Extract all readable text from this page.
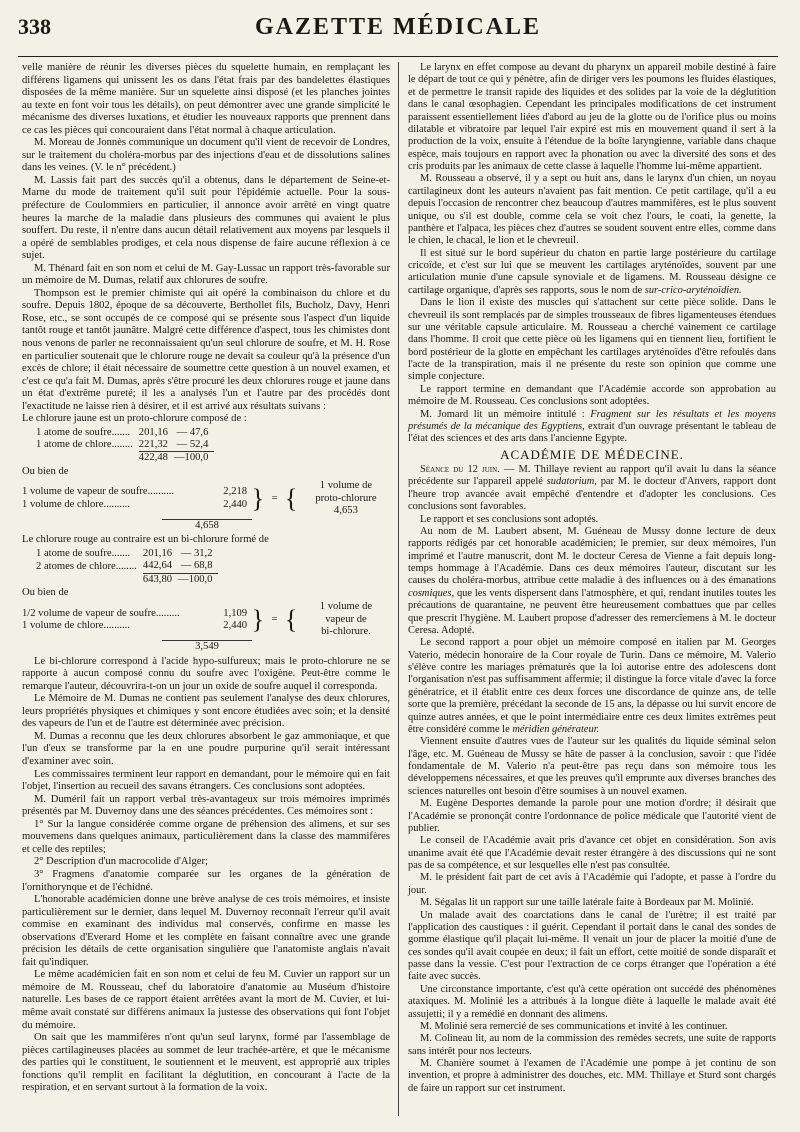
338	GAZETTE MÉDICALE

velle manière de réunir les diverses pièces du squelette humain, en remplaçant les différens ligamens qui unissent les os dans l'état frais par des bandelettes élastiques disposées de la même manière. Sur un squelette ainsi disposé (et les planches jointes au texte en font voir tous les détails), on peut démontrer avec une grande simplicité le mécanisme des diverses luxations, et étudier les nouveaux rapports que prennent dans ce cas les pièces qui concouraient dans l'état normal à chaque articulation.

M. Moreau de Jonnès communique un document qu'il vient de recevoir de Londres, sur le traitement du choléra-morbus par des injections d'eau et de dissolutions salines dans les veines. (V. le n° précédent.)

M. Lassis fait part des succès qu'il a obtenus, dans le département de Seine-et-Marne du mode de traitement qu'il suit pour l'épidémie actuelle. Pour la sous-préfecture de Coulommiers en particulier, il annonce avoir arrêté en vingt quatre heures la marche de la maladie dans plusieurs des communes qui avaient le plus souffert. Du reste, il n'entre dans aucun détail relativement aux moyens par lesquels il a opéré de semblables prodiges, et cela nous dispense de faire aucune réflexion à ce sujet.

M. Thénard fait en son nom et celui de M. Gay-Lussac un rapport très-favorable sur un mémoire de M. Dumas, relatif aux chlorures de soufre.

Thompson est le premier chimiste qui ait opéré la combinaison du chlore et du soufre. Depuis 1802, époque de sa découverte, Berthollet fils, Bucholz, Davy, Henri Rose, etc., se sont occupés de ce composé qui se présente sous l'aspect d'un liquide tantôt rouge et tantôt jaunâtre. Malgré cette différence d'aspect, tous les chimistes dont nous venons de parler ne reconnaissaient qu'un seul chlorure de soufre, et M. H. Rose en particulier soutenait que le chlorure rouge ne devait sa couleur qu'à la présence d'un excès de chlore; il était nécessaire de soumettre cette question à un nouvel examen, et c'est ce qu'a fait M. Dumas, après s'être procuré les deux chlorures rouge et jaune dans un état d'extrême pureté; il les a analysés l'un et l'autre par des procédés dont l'exactitude ne laisse rien à désirer, et il est arrivé aux résultats suivans :

Le chlorure jaune est un proto-chlorure composé de :

1 atome de soufre.......	201,16	— 47,6
1 atome de chlore........	221,32	— 52,4
	422,48	—100,0

Ou bien de

1 volume de vapeur de soufre..........	2,218
1 volume de chlore..........	2,440 } = {	1 volume de
proto-chlorure
4,653
4,658

Le chlorure rouge au contraire est un bi-chlorure formé de

1 atome de soufre.......	201,16	— 31,2
2 atomes de chlore........	442,64	— 68,8
	643,80	—100,0

Ou bien de

1/2 volume de vapeur de soufre.........	1,109
1 volume de chlore..........	2,440 } = {	1 volume de
vapeur de
bi-chlorure.
3,549

Le bi-chlorure correspond à l'acide hypo-sulfureux; mais le proto-chlorure ne se rapporte à aucun composé connu du soufre avec l'oxigène. Peut-être comme le remarque l'auteur, découvrira-t-on un jour un oxide de soufre auquel il corresponda.

Le Mémoire de M. Dumas ne contient pas seulement l'analyse des deux chlorures, leurs propriétés physiques et chimiques y sont encore étudiées avec soin; et la densité des vapeurs de l'un et de l'autre est déterminée avec précision.

M. Dumas a reconnu que les deux chlorures absorbent le gaz ammoniaque, et que l'un d'eux se transforme par la en une poudre purpurine qu'il serait intéressant d'examiner avec soin.

Les commissaires terminent leur rapport en demandant, pour le mémoire qui en fait l'objet, l'insertion au recueil des savans étrangers. Ces conclusions sont adoptées.

M. Duméril fait un rapport verbal très-avantageux sur trois mémoires imprimés présentés par M. Duvernoy dans une des séances précédentes. Ces mémoires sont :

1° Sur la langue considérée comme organe de préhension des alimens, et sur ses mouvemens dans quelques animaux, particulièrement dans la classe des mammifères et celle des reptiles;

2° Description d'un macrocolide d'Alger;

3° Fragmens d'anatomie comparée sur les organes de la génération de l'ornithorynque et de l'échidné.

L'honorable académicien donne une brève analyse de ces trois mémoires, et insiste particulièrement sur le dernier, dans lequel M. Duvernoy reconnaît l'erreur qu'il avait commise en examinant des individus mal conservés, confirme en masse les observations d'Everard Home et les complète en faisant connaître avec une grande précision les détails de cette organisation singulière que l'anatomiste anglais n'avait fait qu'indiquer.

Le même académicien fait en son nom et celui de feu M. Cuvier un rapport sur un mémoire de M. Rousseau, chef du laboratoire d'anatomie au Muséum d'histoire naturelle. Les bases de ce rapport étaient arrêtées avant la mort de M. Cuvier, et lui-même avait constaté sur différens animaux la justesse des observations qui font l'objet du mémoire.

On sait que les mammifères n'ont qu'un seul larynx, formé par l'assemblage de pièces cartilagineuses placées au sommet de leur trachée-artère, et que le mécanisme des parties qui le constituent, le soutiennent et le meuvent, est approprié aux triples fonctions qu'il remplit en facilitant la déglutition, en concourant à l'acte de la respiration, et en servant surtout à la formation de la voix.

Le larynx en effet compose au devant du pharynx un appareil mobile destiné à faire le départ de tout ce qui y pénètre, afin de diriger vers les poumons les fluides élastiques, et de permettre le transit rapide des liquides et des solides par la voie de la déglutition dans le canal œsophagien. Cependant les principales modifications de cet instrument paraissent essentiellement liées d'abord au jeu de la glotte ou de l'orifice plus ou moins dilatable et vibratoire par lequel l'air expiré est mis en mouvement quand il sert à la production de la voix, ensuite à l'étendue de la boîte laryngienne, variable dans chaque espèce, mais toujours en rapport avec la phonation ou avec la diversité des sons et des cris produits par les animaux de cette classe à laquelle l'homme lui-même appartient.

M. Rousseau a observé, il y a sept ou huit ans, dans le larynx d'un chien, un noyau cartilagineux dont les auteurs n'avaient pas fait mention. Ce petit cartilage, qu'il a eu depuis l'occasion de rencontrer chez beaucoup d'autres mammifères, est le plus souvent unique, ou s'il est double, comme cela se voit chez l'ours, le coati, la genette, la panthère et l'alpaca, les pièces chez d'autres se soudent souvent entre elles, comme dans le chien, le chacal, le lion et le chevreuil.

Il est situé sur le bord supérieur du chaton en partie large postérieure du cartilage cricoïde, et c'est sur lui que se meuvent les cartilages aryténoïdes, souvent par une articulation munie d'une capsule synoviale et de ligamens. M. Rousseau désigne ce cartilage organique, d'après ses rapports, sous le nom de sur-crico-aryténoïdien.

Dans le lion il existe des muscles qui s'attachent sur cette pièce solide. Dans le chevreuil ils sont remplacés par de simples trousseaux de fibres ligamenteuses étendues sur une véritable capsule articulaire. M. Rousseau a cherché vainement ce cartilage dans l'homme. Il croit que cette pièce où les ligamens qui en tiennent lieu, fortifient le bord postérieur de la glotte en empêchant les cartilages aryténoïdes d'être refoulés dans l'acte de la transpiration, mais il ne présente du reste son opinion que comme une simple conjecture.

Le rapport termine en demandant que l'Académie accorde son approbation au mémoire de M. Rousseau. Ces conclusions sont adoptées.

M. Jomard lit un mémoire intitulé : Fragment sur les résultats et les moyens présumés de la mécanique des Egyptiens, extrait d'un ouvrage présentant le tableau de l'état des sciences et des arts dans l'ancienne Egypte.

ACADÉMIE DE MÉDECINE.

Séance du 12 juin. — M. Thillaye revient au rapport qu'il avait lu dans la séance précédente sur l'appareil appelé sudatorium, par M. le docteur d'Anvers, rapport dont l'heure trop avancée avait empêché d'entendre et d'adopter les conclusions. Ces conclusions sont favorables.

Le rapport et ses conclusions sont adoptés.

Au nom de M. Laubert absent, M. Guéneau de Mussy donne lecture de deux rapports rédigés par cet honorable académicien; le premier, sur deux mémoires, l'un imprimé et l'autre manuscrit, dont M. le docteur Ceresa de Vienne a fait depuis long-temps hommage à l'Académie. Dans ces deux mémoires l'auteur, discutant sur les causes du choléra-morbus, attribue cette maladie à des influences ou à des émanations cosmiques, que les vents dispersent dans l'atmosphère, et qui, rendant inutiles toutes les précautions de quarantaine, ne peuvent être heureusement combattues que par celles que prescrit l'hygiène. M. Laubert propose d'adresser des remercîemens à M. le docteur Ceresa. Adopté.

Le second rapport a pour objet un mémoire composé en italien par M. Georges Vaterio, médecin honoraire de la Cour royale de Turin. Dans ce mémoire, M. Valerio s'élève contre les mariages prématurés que la loi autorise entre des adolescens dont l'organisation n'est pas suffisamment affermie; il distingue la force vitale d'avec la force génératrice, et il établit entre ces deux forces une discordance de quinze ans, de telle sorte que la première, précédant la seconde de 15 ans, la dépasse ou lui survit encore de quinze autres années, et que le point intermédiaire entre ces deux limites extrêmes peut être considéré comme le méridien générateur.

Viennent ensuite d'autres vues de l'auteur sur les qualités du liquide séminal selon l'âge, etc. M. Guéneau de Mussy se hâte de passer à la conclusion, savoir : que l'idée fondamentale de M. Valerio n'a peut-être pas reçu dans son mémoire tous les développemens nécessaires, et que les preuves qu'il emprunte aux diverses branches des sciences naturelles ont besoin d'être soumises à un nouvel examen.

M. Eugène Desportes demande la parole pour une motion d'ordre; il désirait que l'Académie se prononçât contre l'ordonnance de police médicale que l'autorité vient de publier.

Le conseil de l'Académie avait pris d'avance cet objet en considération. Son avis unanime avait été que l'Académie devait rester étrangère à des discussions qui ne sont pas de sa compétence, et sur lesquelles elle n'est pas consultée.

M. le président fait part de cet avis à l'Académie qui l'adopte, et passe à l'ordre du jour.

M. Ségalas lit un rapport sur une taille latérale faite à Bordeaux par M. Molinié.

Un malade avait des coarctations dans le canal de l'urètre; il est traité par l'application des caustiques : il guérit. Cependant il portait dans le canal des sondes de gomme élastique qu'il plaçait lui-même. Il venait un jour de placer la moitié d'une de ces sondes qu'il avait coupée en deux; il fait un effort, cette moitié de sonde disparaît et passe dans la vessie. C'est pour l'extraction de ce corps étranger que l'opération a été faite avec succès.

Une circonstance importante, c'est qu'à cette opération ont succédé des phénomènes ataxiques. M. Molinié les a attribués à la longue diète à laquelle le malade avait été assujetti; il y a remédié en donnant des alimens.

M. Molinié sera remercié de ses communications et invité à les continuer.

M. Colineau lit, au nom de la commission des remèdes secrets, une suite de rapports sans intérêt pour nos lecteurs.

M. Chanière soumet à l'examen de l'Académie une pompe à jet continu de son invention, et propre à administrer des douches, etc. MM. Thillaye et Sturd sont chargés de faire un rapport sur cet instrument.
